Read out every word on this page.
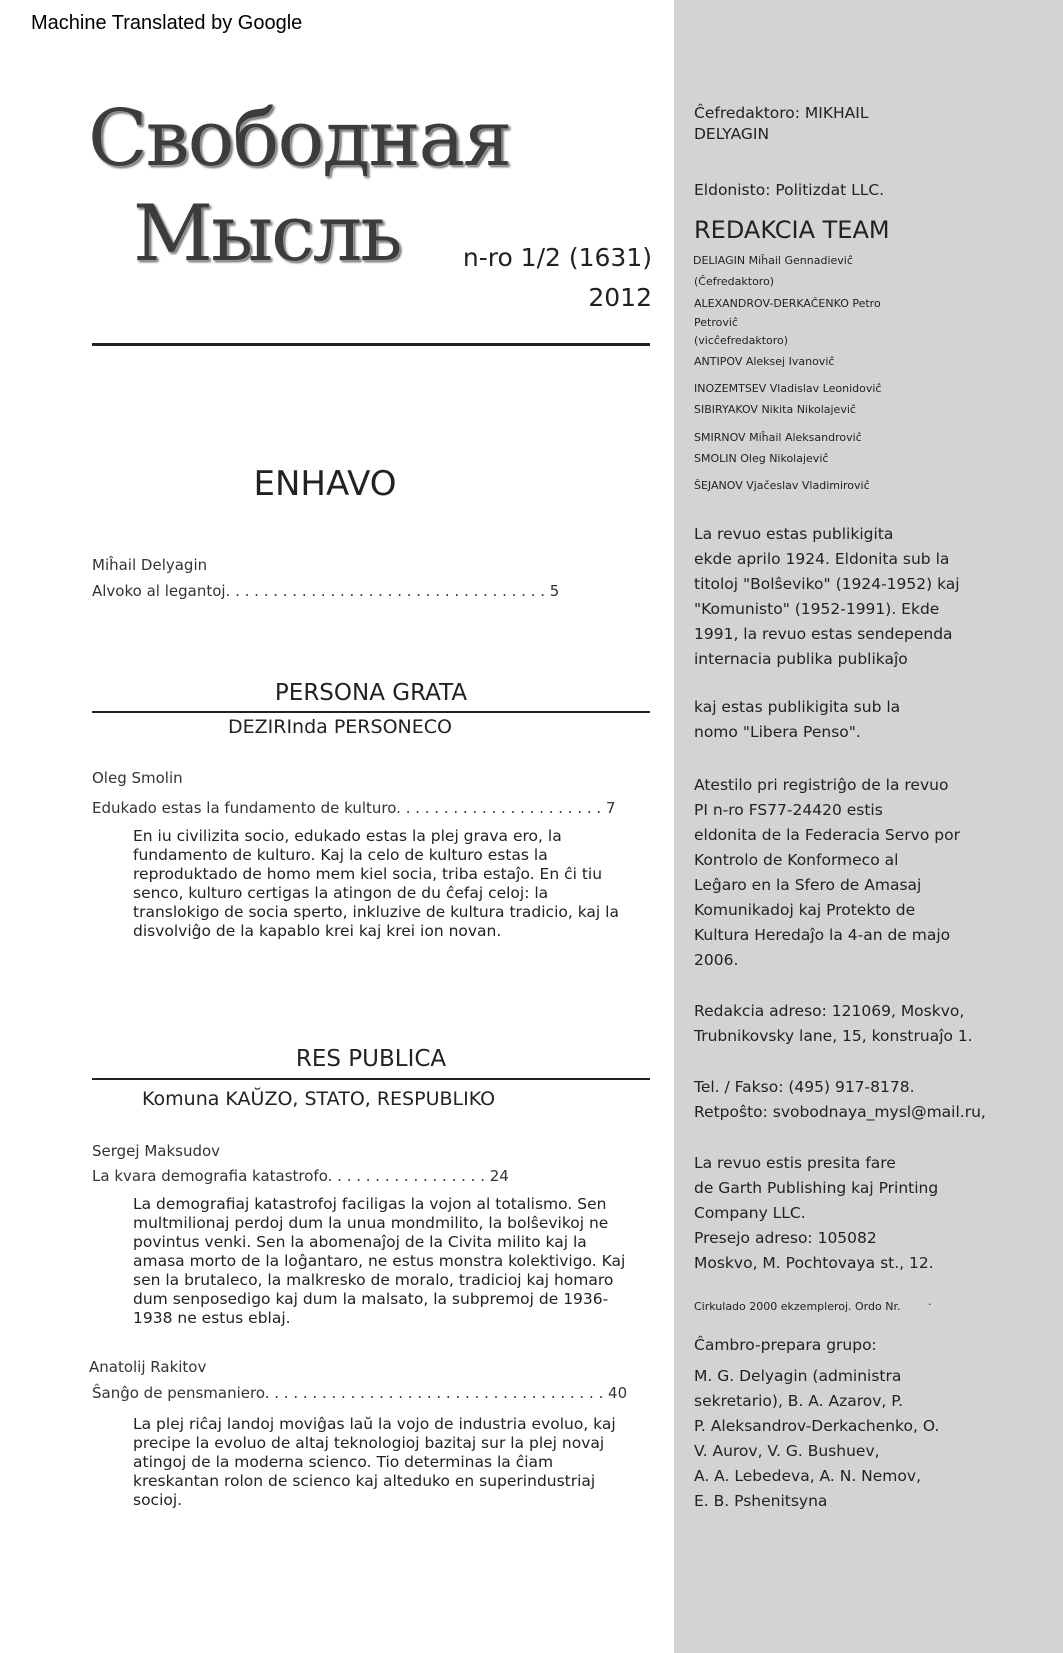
Machine Translated by Google
Свободная
Мысль	n-ro 1/2 (1631)
2012
ENHAVO
Miĥail Delyagin
Alvoko al legantoj. . . . . . . . . . . . . . . . . . . . . . . . . . . . . . . . . . 5
PERSONA GRATA
DEZIRInda PERSONECO
Oleg Smolin
Edukado estas la fundamento de kulturo. . . . . . . . . . . . . . . . . . . . . . 7
En iu civilizita socio, edukado estas la plej grava ero, la fundamento de kulturo. Kaj la celo de kulturo estas la reproduktado de homo mem kiel socia, triba estaĵo. En ĉi tiu senco, kulturo certigas la atingon de du ĉefaj celoj: la translokigo de socia sperto, inkluzive de kultura tradicio, kaj la disvolviĝo de la kapablo krei kaj krei ion novan.
RES PUBLICA
Komuna KAŬZO, STATO, RESPUBLIKO
Sergej Maksudov
La kvara demografia katastrofo. . . . . . . . . . . . . . . . . 24
La demografiaj katastrofoj faciligas la vojon al totalismo. Sen multmilionaj perdoj dum la unua mondmilito, la bolŝevikoj ne povintus venki. Sen la abomenaĵoj de la Civita milito kaj la amasa morto de la loĝantaro, ne estus monstra kolektivigo. Kaj sen la brutaleco, la malkresko de moralo, tradicioj kaj homaro dum senposedigo kaj dum la malsato, la subpremoj de 1936-1938 ne estus eblaj.
Anatolij Rakitov
Ŝanĝo de pensmaniero. . . . . . . . . . . . . . . . . . . . . . . . . . . . . . . . . . . . 40
La plej riĉaj landoj moviĝas laŭ la vojo de industria evoluo, kaj precipe la evoluo de altaj teknologioj bazitaj sur la plej novaj atingoj de la moderna scienco. Tio determinas la ĉiam kreskantan rolon de scienco kaj alteduko en superindustriaj socioj.
Ĉefredaktoro: MIKHAIL
DELYAGIN
Eldonisto: Politizdat LLC.
REDAKCIA TEAM
DELIAGIN Miĥail Gennadieviĉ
(Ĉefredaktoro)
ALEXANDROV-DERKAČENKO Petro
Petroviĉ
(vicĉefredaktoro)
ANTIPOV Aleksej Ivanoviĉ
INOZEMTSEV Vladislav Leonidoviĉ
SIBIRYAKOV Nikita Nikolajeviĉ
SMIRNOV Miĥail Aleksandroviĉ
SMOLIN Oleg Nikolajeviĉ
ŜEJANOV Vjačeslav Vladimiroviĉ
La revuo estas publikigita
ekde aprilo 1924. Eldonita sub la
titoloj "Bolŝeviko" (1924-1952) kaj
"Komunisto" (1952-1991). Ekde
1991, la revuo estas sendependa
internacia publika publikaĵo
kaj estas publikigita sub la
nomo "Libera Penso".
Atestilo pri registriĝo de la revuo
PI n-ro FS77-24420 estis
eldonita de la Federacia Servo por
Kontrolo de Konformeco al
Leĝaro en la Sfero de Amasaj
Komunikadoj kaj Protekto de
Kultura Heredaĵo la 4-an de majo
2006.
Redakcia adreso: 121069, Moskvo,
Trubnikovsky lane, 15, konstruaĵo 1.
Tel. / Fakso: (495) 917-8178.
Retpoŝto: svobodnaya_mysl@mail.ru,
La revuo estis presita fare
de Garth Publishing kaj Printing
Company LLC.
Presejo adreso: 105082
Moskvo, M. Pochtovaya st., 12.
Cirkulado 2000 ekzempleroj. Ordo Nr.	·
Ĉambro-prepara grupo:
M. G. Delyagin (administra
sekretario), B. A. Azarov, P.
P. Aleksandrov-Derkachenko, O.
V. Aurov, V. G. Bushuev,
A. A. Lebedeva, A. N. Nemov,
E. B. Pshenitsyna
